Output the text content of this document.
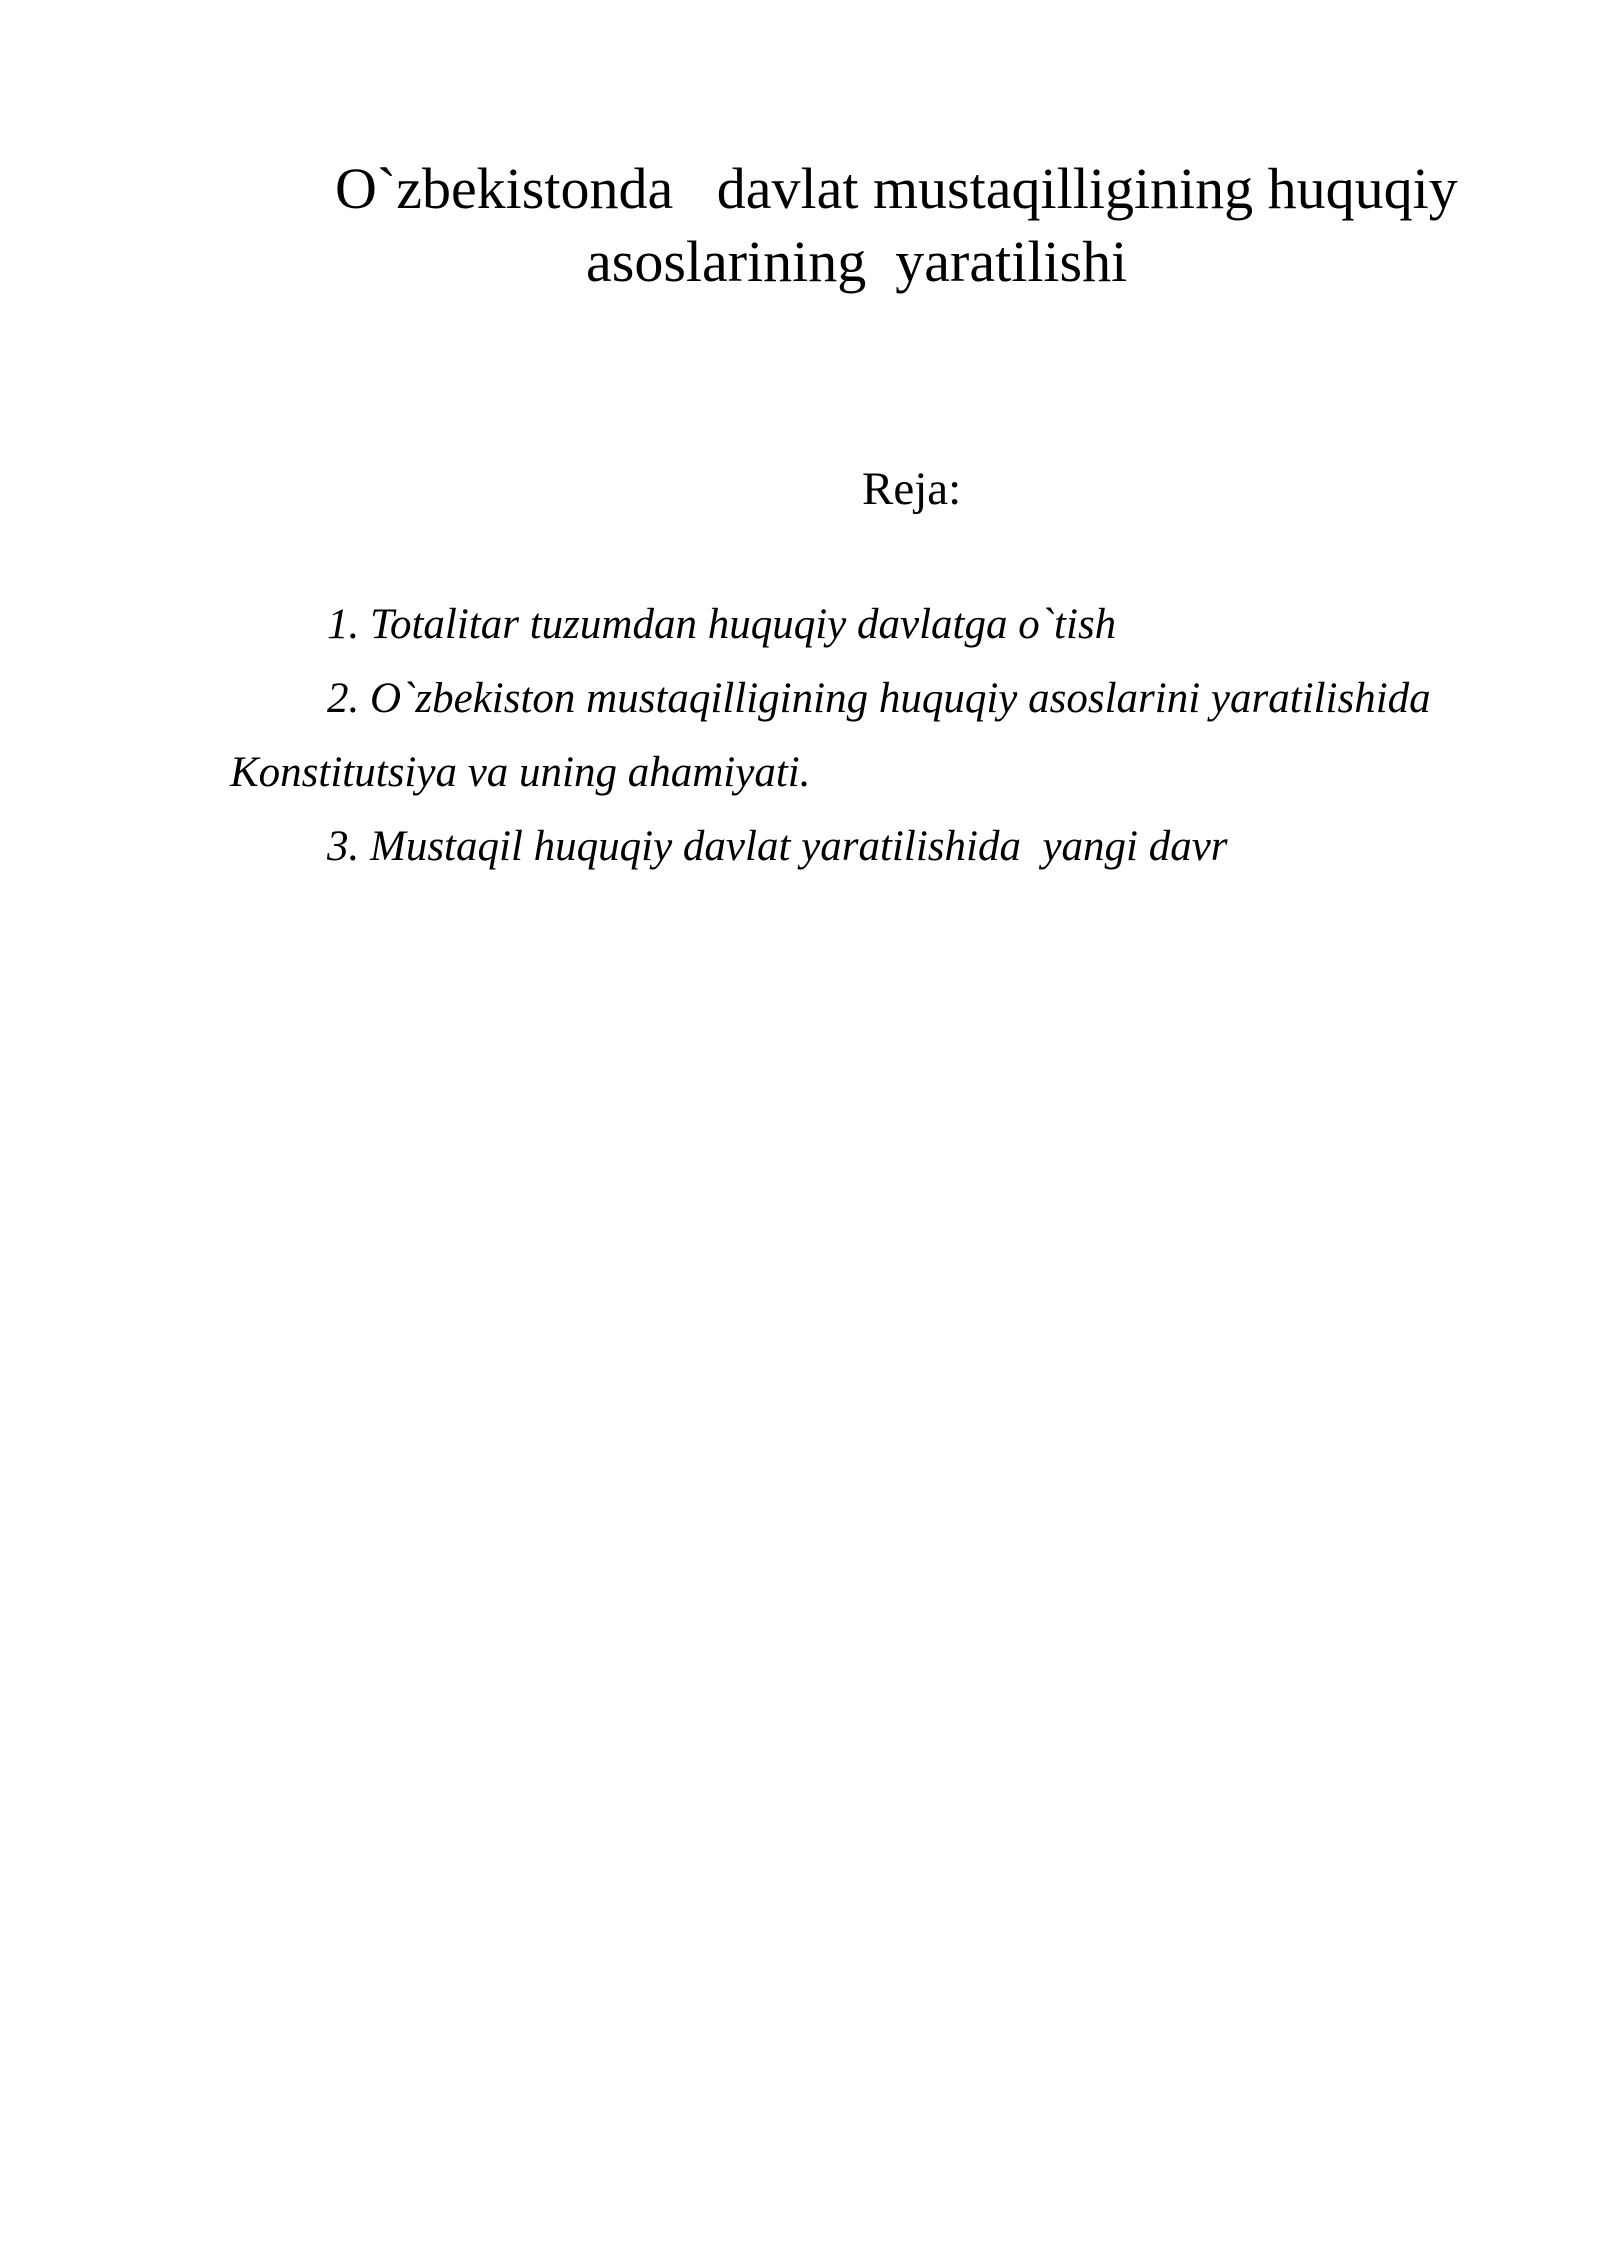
O`zbekistonda   davlat mustaqilligining huquqiy
asoslarining  yaratilishi
Reja:

1. Totalitar tuzumdan huquqiy davlatga o`tish

2. O`zbekiston mustaqilligining huquqiy asoslarini yaratilishida Konstitutsiya va uning ahamiyati.

3. Mustaqil huquqiy davlat yaratilishida  yangi davr
